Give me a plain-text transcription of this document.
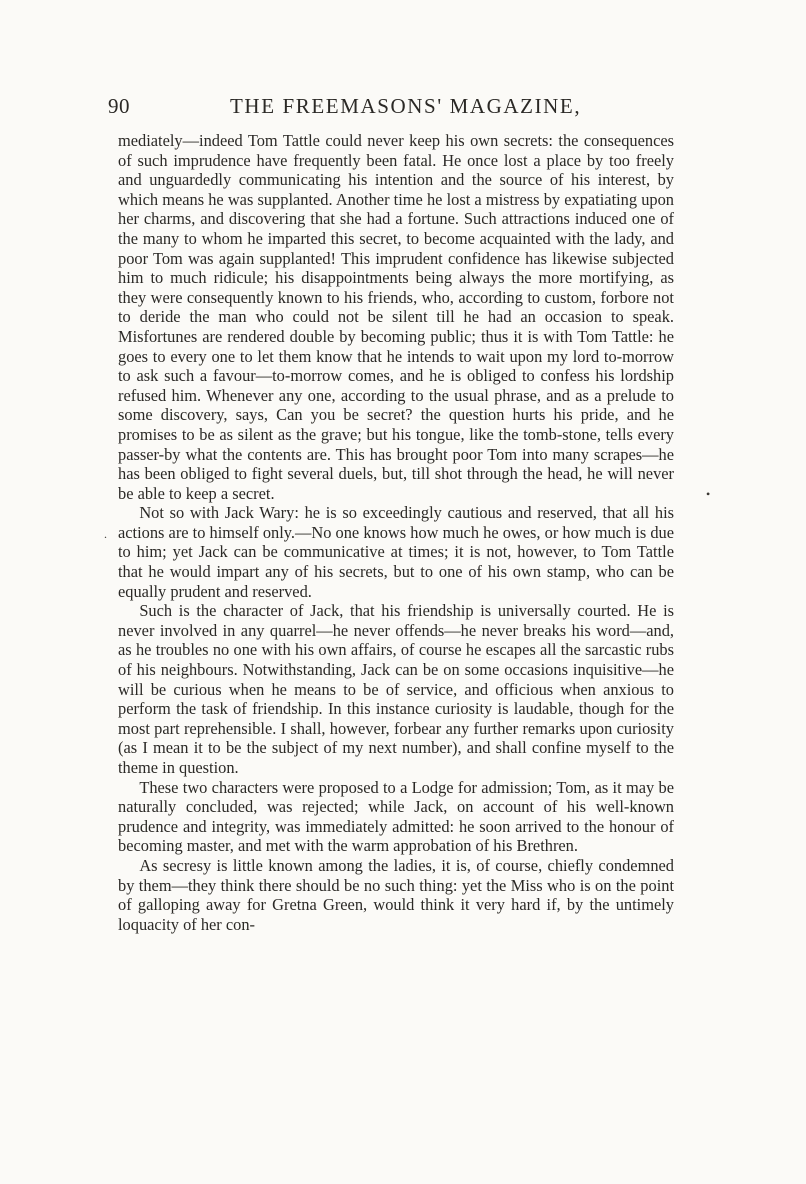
90	THE FREEMASONS' MAGAZINE,

mediately—indeed Tom Tattle could never keep his own secrets: the consequences of such imprudence have frequently been fatal. He once lost a place by too freely and unguardedly communicating his intention and the source of his interest, by which means he was supplanted. Another time he lost a mistress by expatiating upon her charms, and discovering that she had a fortune. Such attractions induced one of the many to whom he imparted this secret, to become acquainted with the lady, and poor Tom was again supplanted! This imprudent confidence has likewise subjected him to much ridicule; his disappointments being always the more mortifying, as they were consequently known to his friends, who, according to custom, forbore not to deride the man who could not be silent till he had an occasion to speak. Misfortunes are rendered double by becoming public; thus it is with Tom Tattle: he goes to every one to let them know that he intends to wait upon my lord to-morrow to ask such a favour—to-morrow comes, and he is obliged to confess his lordship refused him. Whenever any one, according to the usual phrase, and as a prelude to some discovery, says, Can you be secret? the question hurts his pride, and he promises to be as silent as the grave; but his tongue, like the tomb-stone, tells every passer-by what the contents are. This has brought poor Tom into many scrapes—he has been obliged to fight several duels, but, till shot through the head, he will never be able to keep a secret.

Not so with Jack Wary: he is so exceedingly cautious and reserved, that all his actions are to himself only.—No one knows how much he owes, or how much is due to him; yet Jack can be communicative at times; it is not, however, to Tom Tattle that he would impart any of his secrets, but to one of his own stamp, who can be equally prudent and reserved.

Such is the character of Jack, that his friendship is universally courted. He is never involved in any quarrel—he never offends—he never breaks his word—and, as he troubles no one with his own affairs, of course he escapes all the sarcastic rubs of his neighbours. Notwithstanding, Jack can be on some occasions inquisitive—he will be curious when he means to be of service, and officious when anxious to perform the task of friendship. In this instance curiosity is laudable, though for the most part reprehensible. I shall, however, forbear any further remarks upon curiosity (as I mean it to be the subject of my next number), and shall confine myself to the theme in question.

These two characters were proposed to a Lodge for admission; Tom, as it may be naturally concluded, was rejected; while Jack, on account of his well-known prudence and integrity, was immediately admitted: he soon arrived to the honour of becoming master, and met with the warm approbation of his Brethren.

As secresy is little known among the ladies, it is, of course, chiefly condemned by them—they think there should be no such thing: yet the Miss who is on the point of galloping away for Gretna Green, would think it very hard if, by the untimely loquacity of her con-

•
.
